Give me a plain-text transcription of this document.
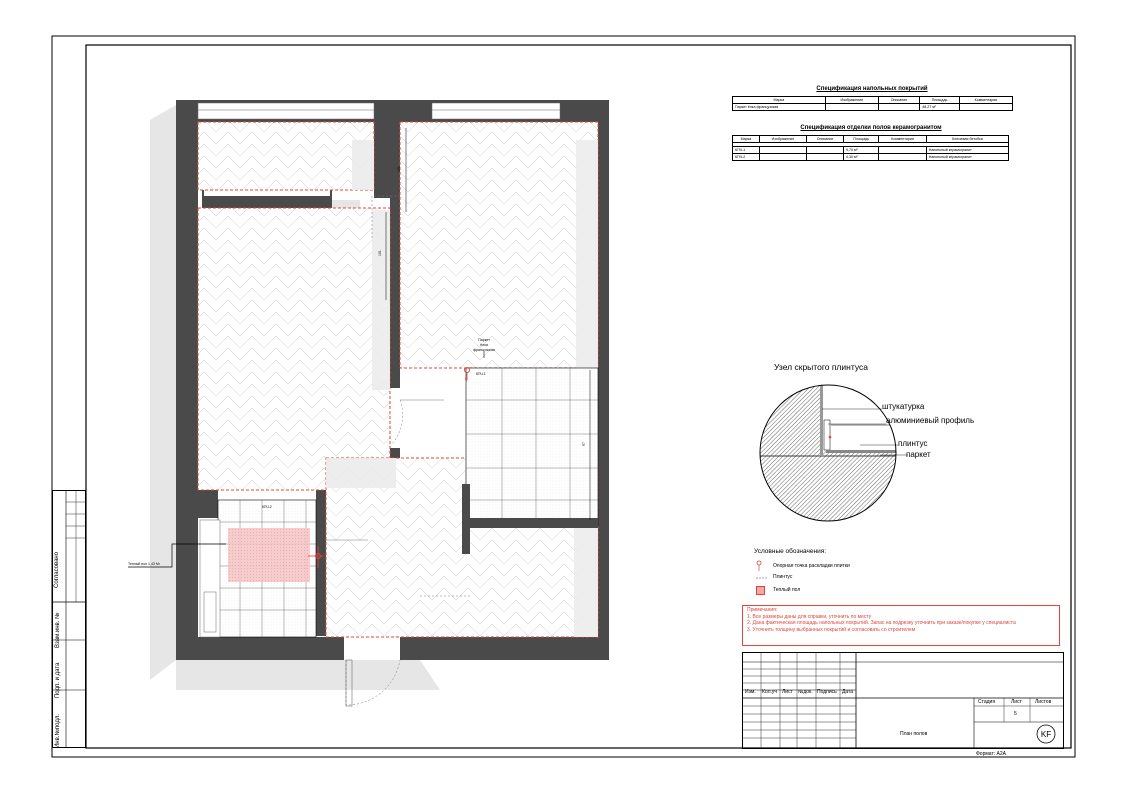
101
101
97
Паркет
ёлка
французская
КПЧ-1
КПЧ-2
Теплый пол 1,43 М²
Узел скрытого плинтуса
штукатурка
алюминиевый профиль
плинтус
паркет
Спецификация напольных покрытий
Марка	Изображение	Описание	Площадь	Комментарии
Паркет ёлка французская			48,27 м²	
Спецификация отделки полов керамогранитом
Марка	Изображение	Описание	Площадь	Комментарии	Ключевая бетобка

КПЧ-1			9,70 м²		Напольный керамогранит
КПЧ-2			4,30 м²		Напольный керамогранит
Условные обозначения:
Опорная точка раскладки плитки
Плинтус
Теплый пол
Примечания:
1. Все размеры даны для справки, уточнить по месту
2. Дана фактическая площадь напольных покрытий. Запас на подрезку уточнить при заказе/покупке у специалиста
3. Уточнить толщину выбранных покрытий и согласовать со строителем
KF
Изм. Кол.уч Лист №док. Подпись Дата
Стадия	Лист	Листов
5
План полов
Формат: А2А
Согласовано
Взам.инв. №
Подп. и дата
Инв.№подл.
